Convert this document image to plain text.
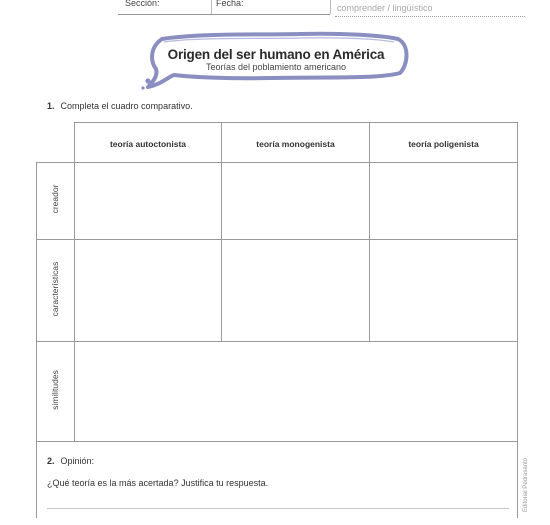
Sección:	Fecha:	comprender / lingüístico
Origen del ser humano en América
Teorías del poblamiento americano
1. Completa el cuadro comparativo.
teoría autoctonista	teoría monogenista	teoría poligenista
creador
características
similitudes
2. Opinión:
¿Qué teoría es la más acertada? Justifica tu respuesta.	Editorial Pedrasanto
